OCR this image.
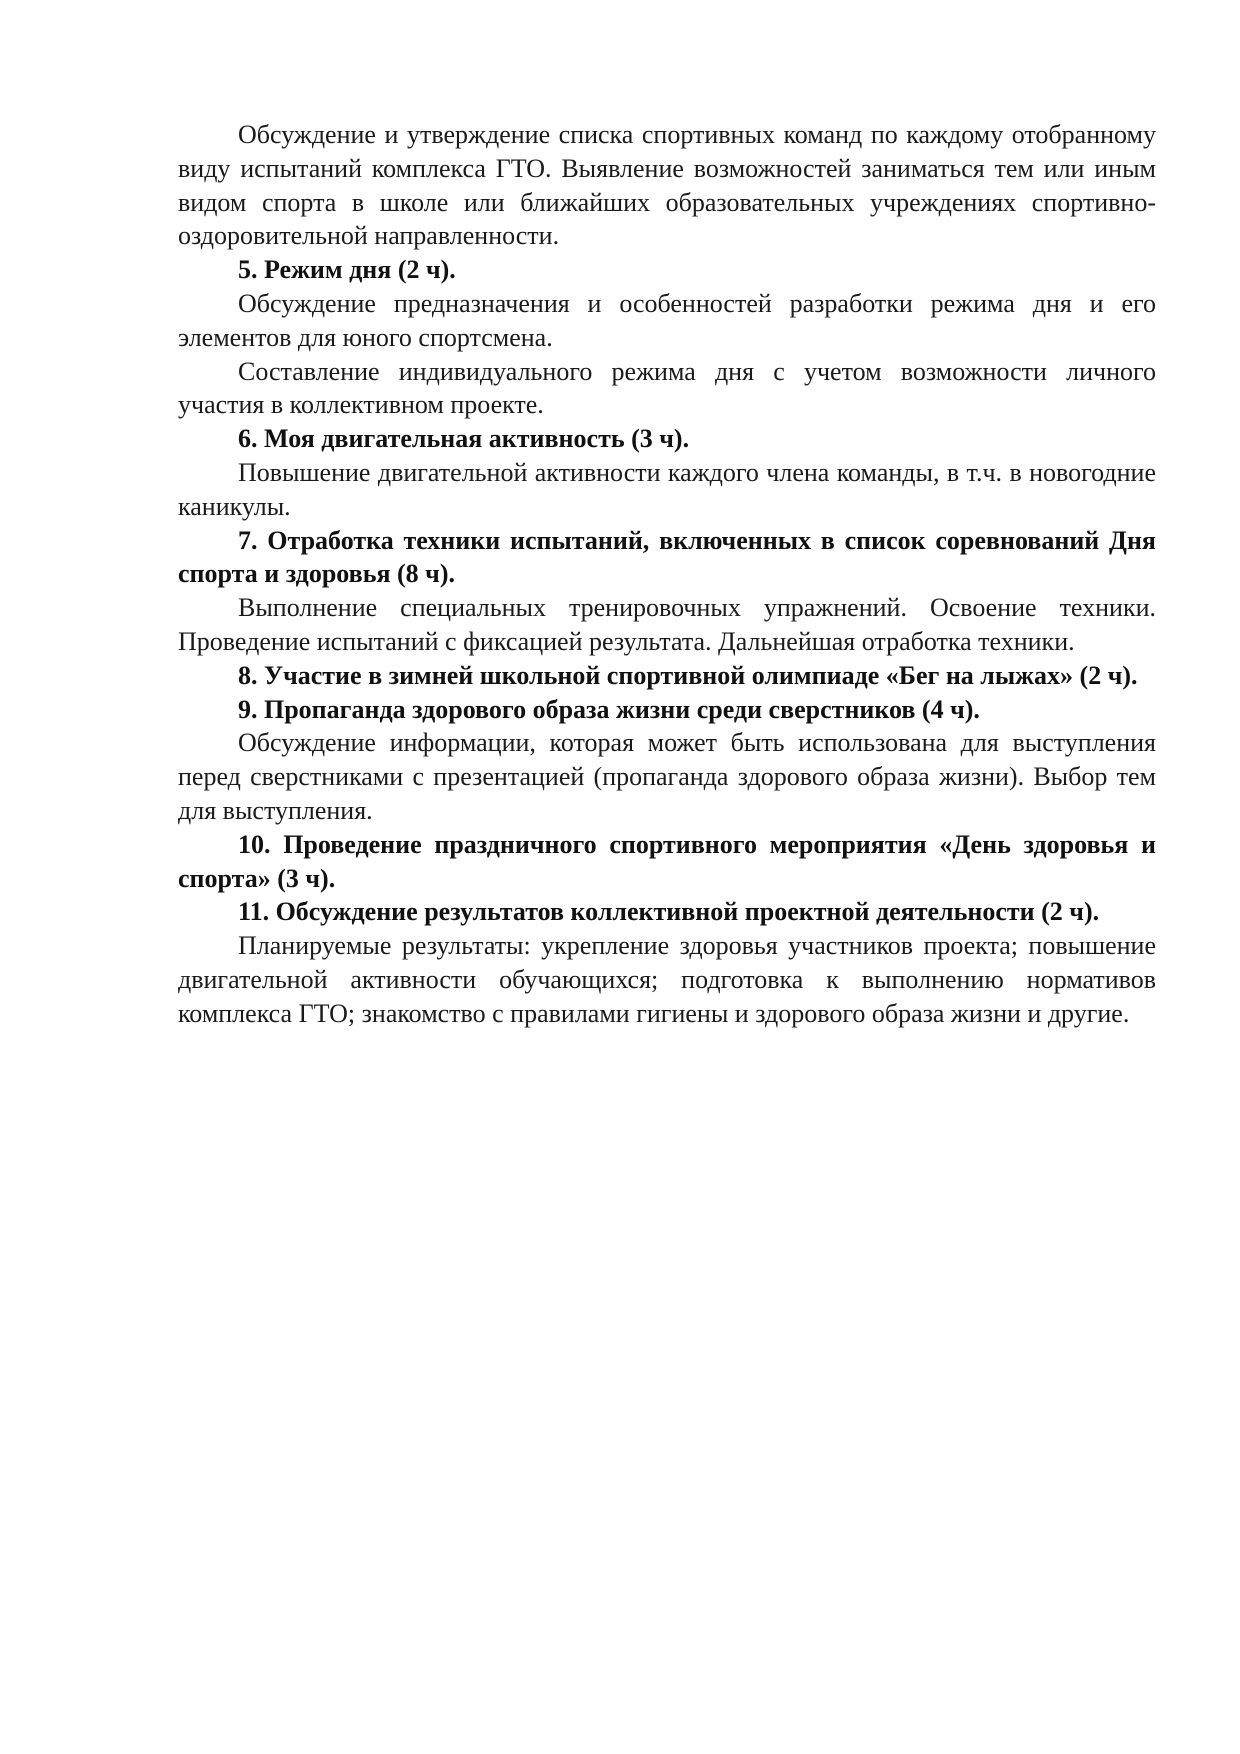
Обсуждение и утверждение списка спортивных команд по каждому отобранному виду испытаний комплекса ГТО. Выявление возможностей заниматься тем или иным видом спорта в школе или ближайших образовательных учреждениях спортивно-оздоровительной направленности.

5. Режим дня (2 ч).

Обсуждение предназначения и особенностей разработки режима дня и его элементов для юного спортсмена.

Составление индивидуального режима дня с учетом возможности личного участия в коллективном проекте.

6. Моя двигательная активность (3 ч).

Повышение двигательной активности каждого члена команды, в т.ч. в новогодние каникулы.

7. Отработка техники испытаний, включенных в список соревнований Дня спорта и здоровья (8 ч).

Выполнение специальных тренировочных упражнений. Освоение техники. Проведение испытаний с фиксацией результата. Дальнейшая отработка техники.

8. Участие в зимней школьной спортивной олимпиаде «Бег на лыжах» (2 ч).

9. Пропаганда здорового образа жизни среди сверстников (4 ч).

Обсуждение информации, которая может быть использована для выступления перед сверстниками с презентацией (пропаганда здорового образа жизни). Выбор тем для выступления.

10. Проведение праздничного спортивного мероприятия «День здоровья и спорта» (3 ч).

11. Обсуждение результатов коллективной проектной деятельности (2 ч).

Планируемые результаты: укрепление здоровья участников проекта; повышение двигательной активности обучающихся; подготовка к выполнению нормативов комплекса ГТО; знакомство с правилами гигиены и здорового образа жизни и другие.
